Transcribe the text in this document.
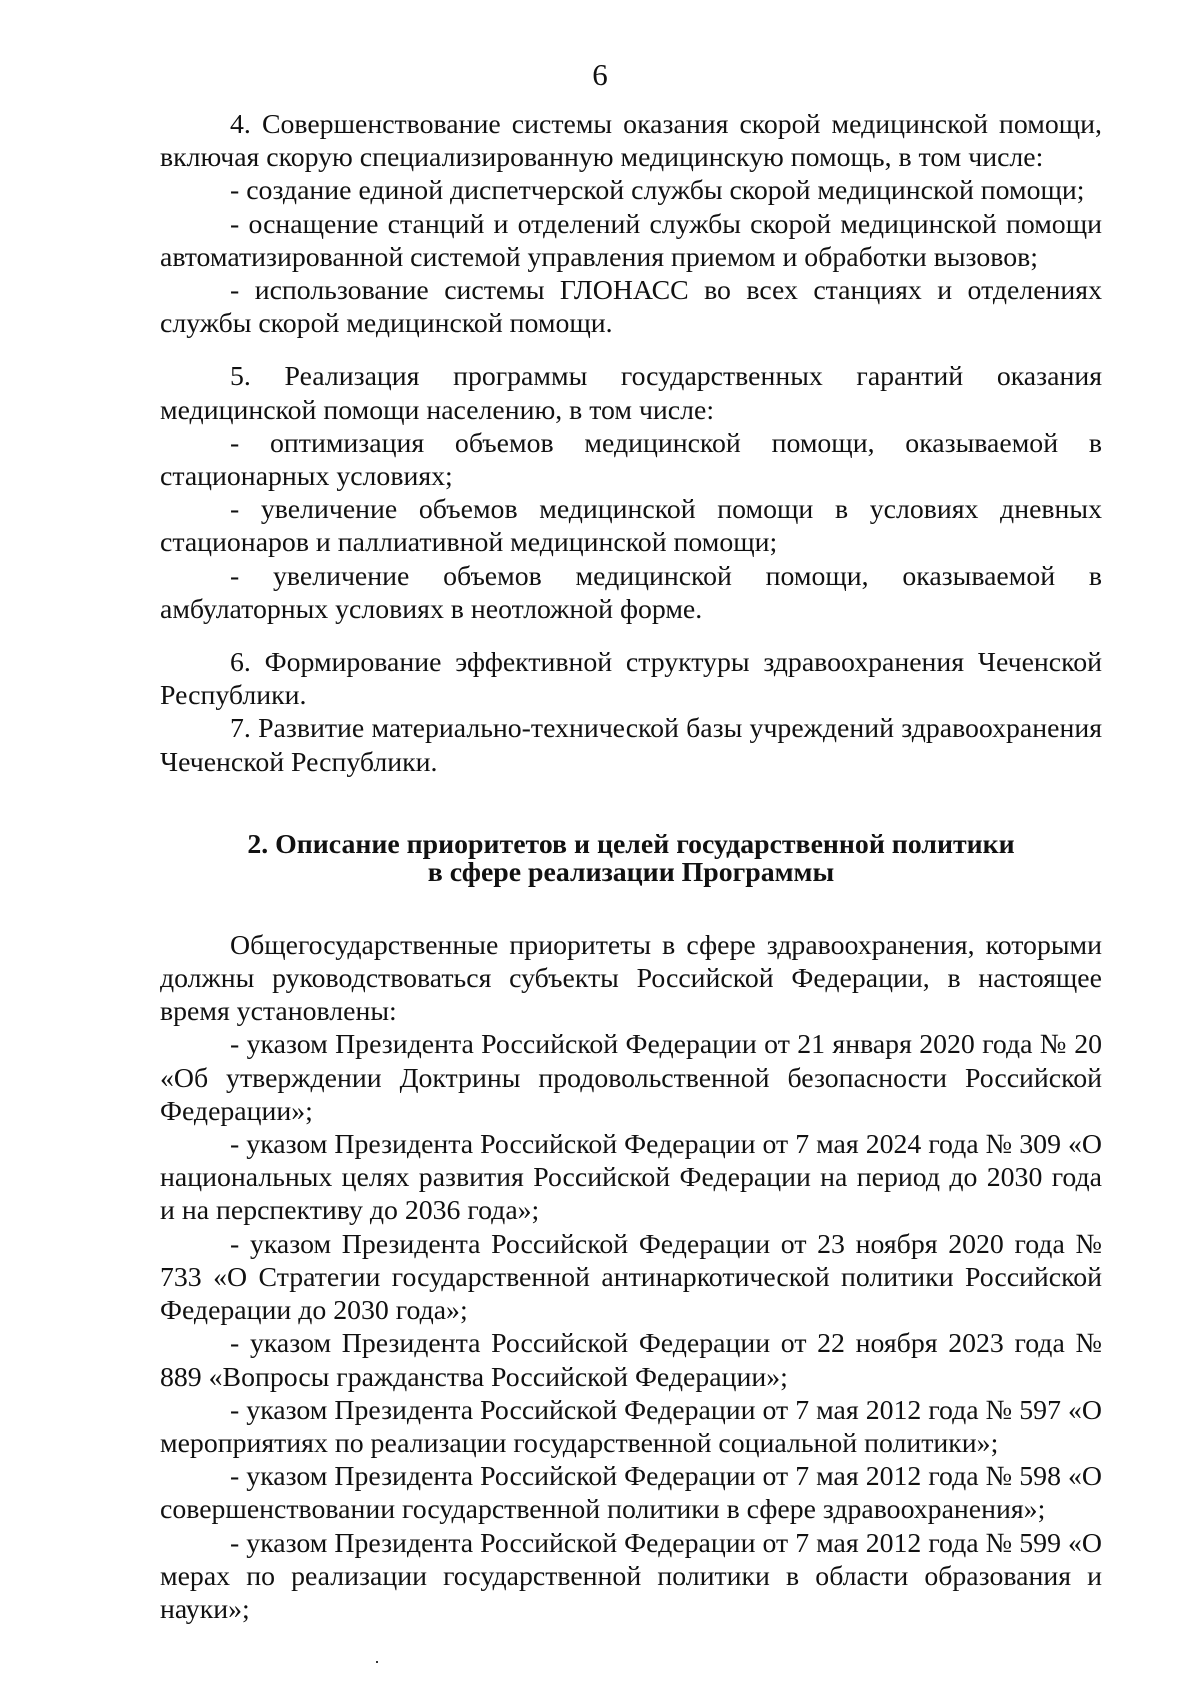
6

4. Совершенствование системы оказания скорой медицинской помощи, включая скорую специализированную медицинскую помощь, в том числе:

- создание единой диспетчерской службы скорой медицинской помощи;

- оснащение станций и отделений службы скорой медицинской помощи автоматизированной системой управления приемом и обработки вызовов;

- использование системы ГЛОНАСС во всех станциях и отделениях службы скорой медицинской помощи.

5. Реализация программы государственных гарантий оказания медицинской помощи населению, в том числе:

- оптимизация объемов медицинской помощи, оказываемой в стационарных условиях;

- увеличение объемов медицинской помощи в условиях дневных стационаров и паллиативной медицинской помощи;

- увеличение объемов медицинской помощи, оказываемой в амбулаторных условиях в неотложной форме.

6. Формирование эффективной структуры здравоохранения Чеченской Республики.

7. Развитие материально-технической базы учреждений здравоохранения Чеченской Республики.

2. Описание приоритетов и целей государственной политики
в сфере реализации Программы

Общегосударственные приоритеты в сфере здравоохранения, которыми должны руководствоваться субъекты Российской Федерации, в настоящее время установлены:

- указом Президента Российской Федерации от 21 января 2020 года № 20 «Об утверждении Доктрины продовольственной безопасности Российской Федерации»;

- указом Президента Российской Федерации от 7 мая 2024 года № 309 «О национальных целях развития Российской Федерации на период до 2030 года и на перспективу до 2036 года»;

- указом Президента Российской Федерации от 23 ноября 2020 года № 733 «О Стратегии государственной антинаркотической политики Российской Федерации до 2030 года»;

- указом Президента Российской Федерации от 22 ноября 2023 года № 889 «Вопросы гражданства Российской Федерации»;

- указом Президента Российской Федерации от 7 мая 2012 года № 597 «О мероприятиях по реализации государственной социальной политики»;

- указом Президента Российской Федерации от 7 мая 2012 года № 598 «О совершенствовании государственной политики в сфере здравоохранения»;

- указом Президента Российской Федерации от 7 мая 2012 года № 599 «О мерах по реализации государственной политики в области образования и науки»;
